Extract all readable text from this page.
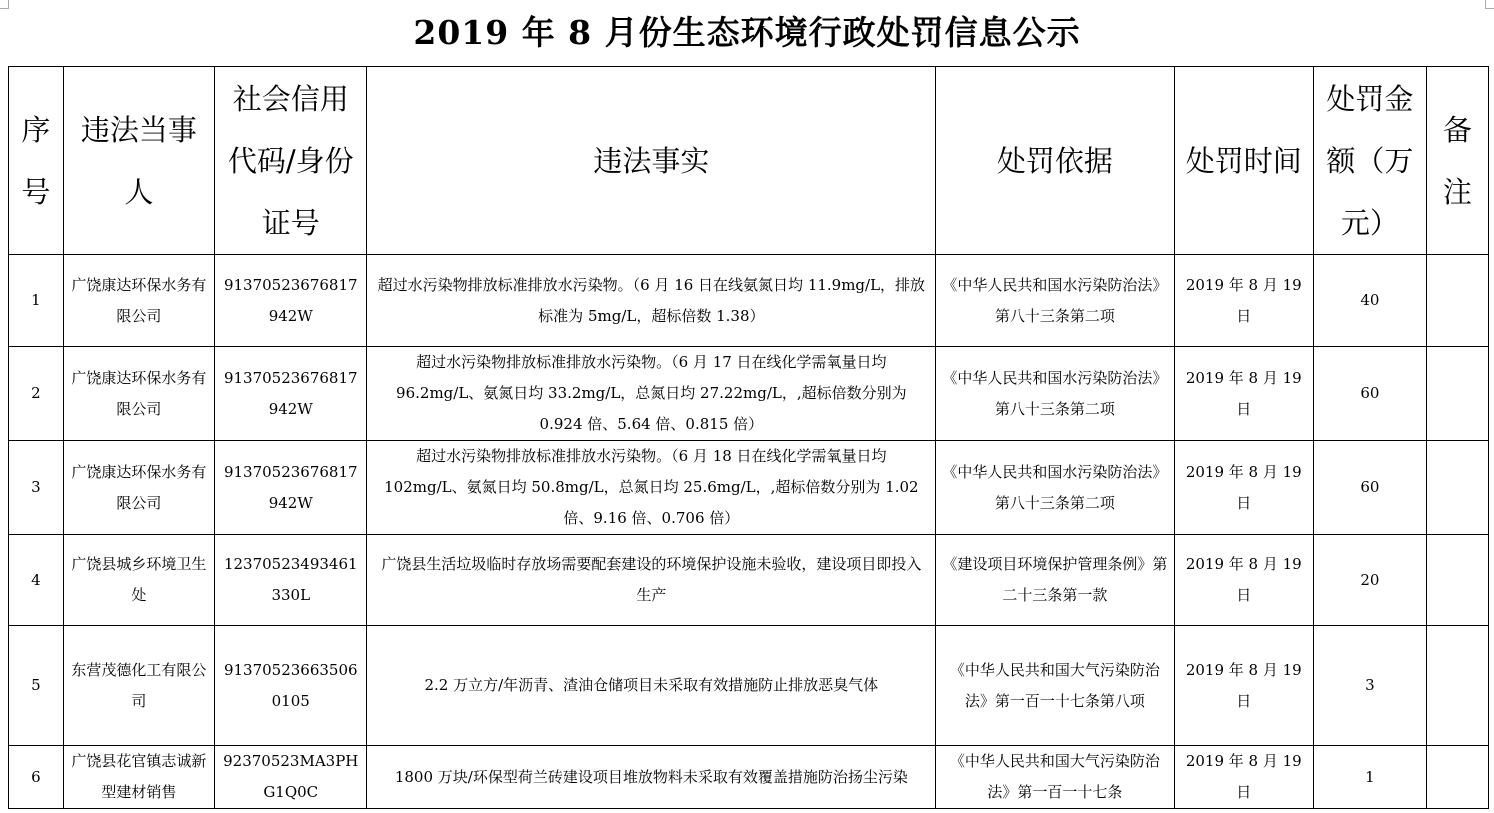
2019 年 8 月份生态环境行政处罚信息公示
序号	违法当事人	社会信用代码/身份证号	违法事实	处罚依据	处罚时间	处罚金额（万元）	备注
1	广饶康达环保水务有限公司	91370523676817942W	超过水污染物排放标准排放水污染物。（6 月 16 日在线氨氮日均 11.9mg/L，排放标准为 5mg/L，超标倍数 1.38）	《中华人民共和国水污染防治法》第八十三条第二项	2019 年 8 月 19 日	40	
2	广饶康达环保水务有限公司	91370523676817942W	超过水污染物排放标准排放水污染物。（6 月 17 日在线化学需氧量日均 96.2mg/L、氨氮日均 33.2mg/L，总氮日均 27.22mg/L，,超标倍数分别为 0.924 倍、5.64 倍、0.815 倍）	《中华人民共和国水污染防治法》第八十三条第二项	2019 年 8 月 19 日	60	
3	广饶康达环保水务有限公司	91370523676817942W	超过水污染物排放标准排放水污染物。（6 月 18 日在线化学需氧量日均 102mg/L、氨氮日均 50.8mg/L，总氮日均 25.6mg/L，,超标倍数分别为 1.02 倍、9.16 倍、0.706 倍）	《中华人民共和国水污染防治法》第八十三条第二项	2019 年 8 月 19 日	60	
4	广饶县城乡环境卫生处	12370523493461330L	广饶县生活垃圾临时存放场需要配套建设的环境保护设施未验收，建设项目即投入生产	《建设项目环境保护管理条例》第二十三条第一款	2019 年 8 月 19 日	20	
5	东营茂德化工有限公司	913705236635060105	2.2 万立方/年沥青、渣油仓储项目未采取有效措施防止排放恶臭气体	《中华人民共和国大气污染防治法》第一百一十七条第八项	2019 年 8 月 19 日	3	
6	广饶县花官镇志诚新型建材销售	92370523MA3PHG1Q0C	1800 万块/环保型荷兰砖建设项目堆放物料未采取有效覆盖措施防治扬尘污染	《中华人民共和国大气污染防治法》第一百一十七条	2019 年 8 月 19 日	1	
